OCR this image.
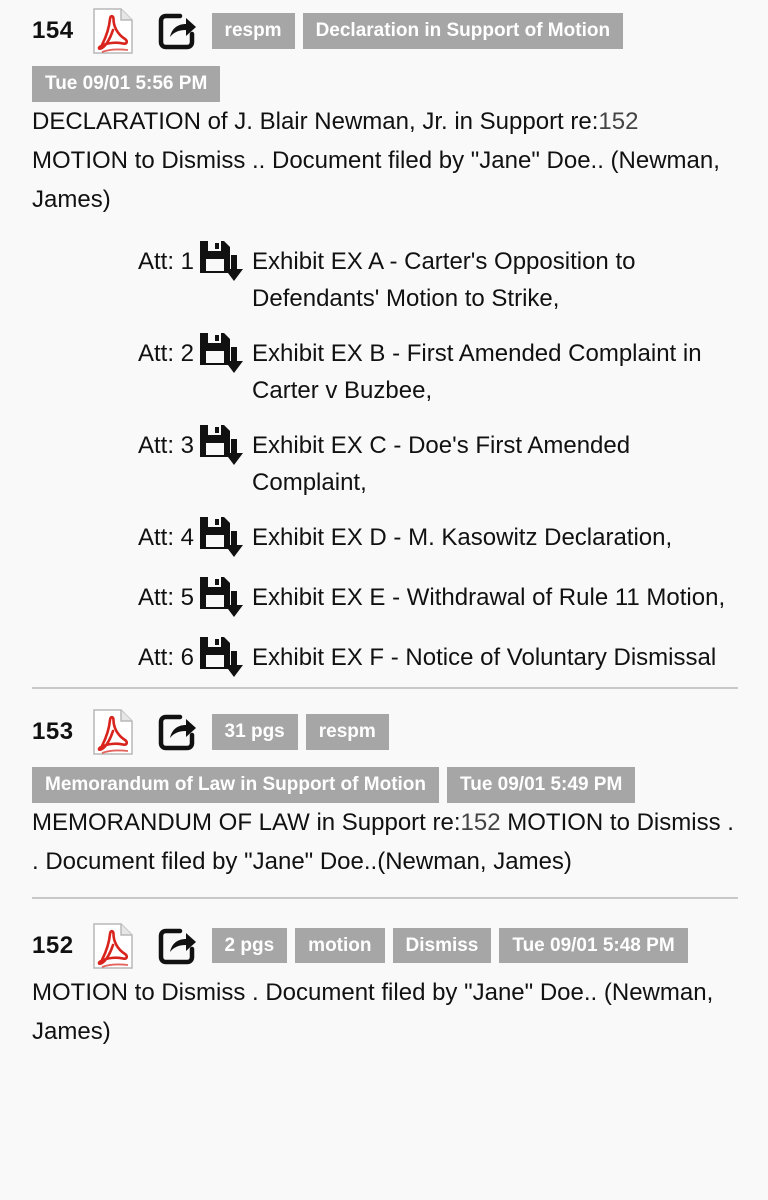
154	respm	Declaration in Support of Motion
Tue 09/01 5:56 PM

DECLARATION of J. Blair Newman, Jr. in Support re:152 MOTION to Dismiss .. Document filed by "Jane" Doe.. (Newman, James)

Att: 1 Exhibit EX A - Carter's Opposition to Defendants' Motion to Strike,
Att: 2 Exhibit EX B - First Amended Complaint in Carter v Buzbee,
Att: 3 Exhibit EX C - Doe's First Amended Complaint,
Att: 4 Exhibit EX D - M. Kasowitz Declaration,
Att: 5 Exhibit EX E - Withdrawal of Rule 11 Motion,
Att: 6 Exhibit EX F - Notice of Voluntary Dismissal
153	31 pgs	respm
Memorandum of Law in Support of Motion	Tue 09/01 5:49 PM

MEMORANDUM OF LAW in Support re:152 MOTION to Dismiss . . Document filed by "Jane" Doe..(Newman, James)

152	2 pgs	motion	Dismiss	Tue 09/01 5:48 PM

MOTION to Dismiss . Document filed by "Jane" Doe.. (Newman, James)
